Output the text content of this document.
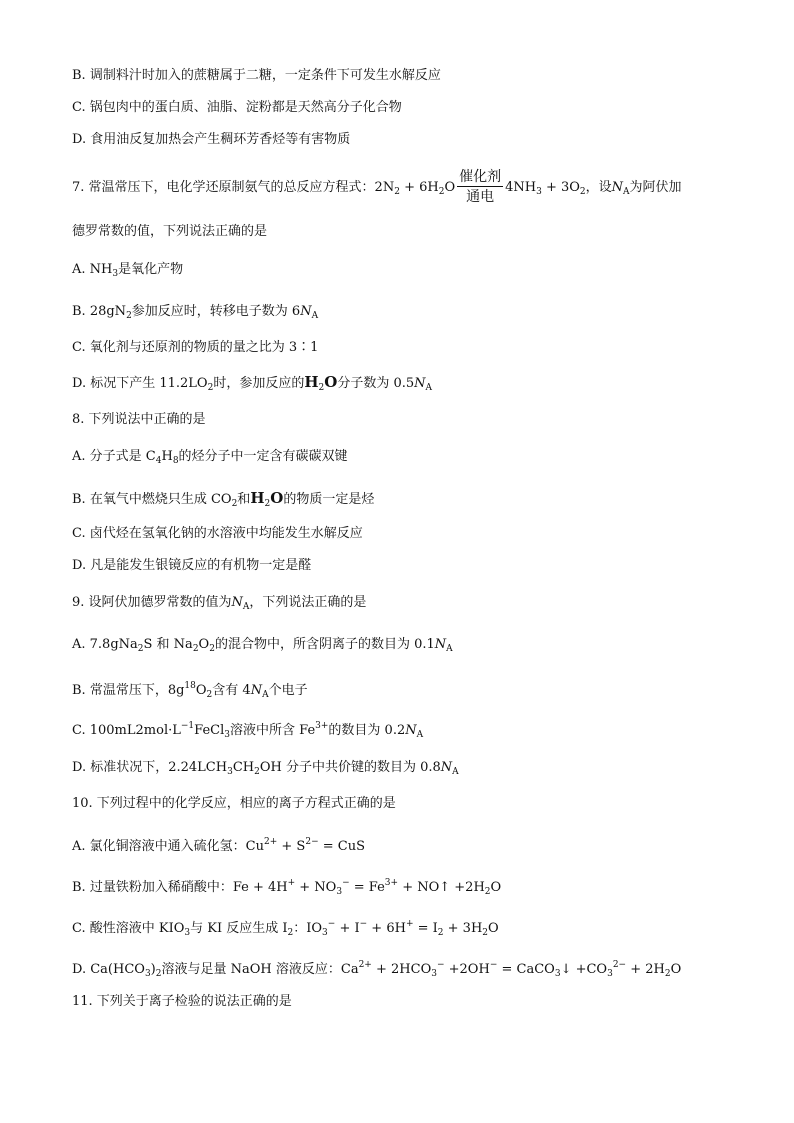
B. 调制料汁时加入的蔗糖属于二糖，一定条件下可发生水解反应
C. 锅包肉中的蛋白质、油脂、淀粉都是天然高分子化合物
D. 食用油反复加热会产生稠环芳香烃等有害物质
7. 常温常压下，电化学还原制氨气的总反应方程式：$2N_2 + 6H_2O$
催化剂
通电
$4NH_3 + 3O_2$，设$N_A$为阿伏加
德罗常数的值，下列说法正确的是
A. $NH_3$是氧化产物
B. $28gN_2$参加反应时，转移电子数为 $6N_A$
C. 氧化剂与还原剂的物质的量之比为 3∶1
D. 标况下产生 $11.2LO_2$时，参加反应的$H_2O$分子数为 $0.5N_A$
8. 下列说法中正确的是
A. 分子式是 $C_4H_8$的烃分子中一定含有碳碳双键
B. 在氧气中燃烧只生成 $CO_2$和$H_2O$的物质一定是烃
C. 卤代烃在氢氧化钠的水溶液中均能发生水解反应
D. 凡是能发生银镜反应的有机物一定是醛
9. 设阿伏加德罗常数的值为$N_A$，下列说法正确的是
A. 7.8gNa$_2$S 和 $Na_2O_2$的混合物中，所含阴离子的数目为 $0.1N_A$
B. 常温常压下，$8g^{18}O_2$含有 $4N_A$个电子
C. $100mL2mol\cdot L^{-1}FeCl_3$溶液中所含 $Fe^{3+}$的数目为 $0.2N_A$
D. 标准状况下，$2.24LCH_3CH_2OH$ 分子中共价键的数目为 $0.8N_A$
10. 下列过程中的化学反应，相应的离子方程式正确的是
A. 氯化铜溶液中通入硫化氢：$Cu^{2+} + S^{2-}$ = CuS
B. 过量铁粉加入稀硝酸中：$Fe + 4H^+ + NO_3^- = Fe^{3+}$ + NO↑ $+2H_2O$
C. 酸性溶液中 $KIO_3$与 KI 反应生成 $I_2$：$IO_3^- + I^- + 6H^+ = I_2 + 3H_2O$
D. $Ca(HCO_3)_2$溶液与足量 NaOH 溶液反应：$Ca^{2+} + 2HCO_3^- +2OH^-$ = CaCO$_3$↓ $+CO_3^{2-} + 2H_2O$
11. 下列关于离子检验的说法正确的是
